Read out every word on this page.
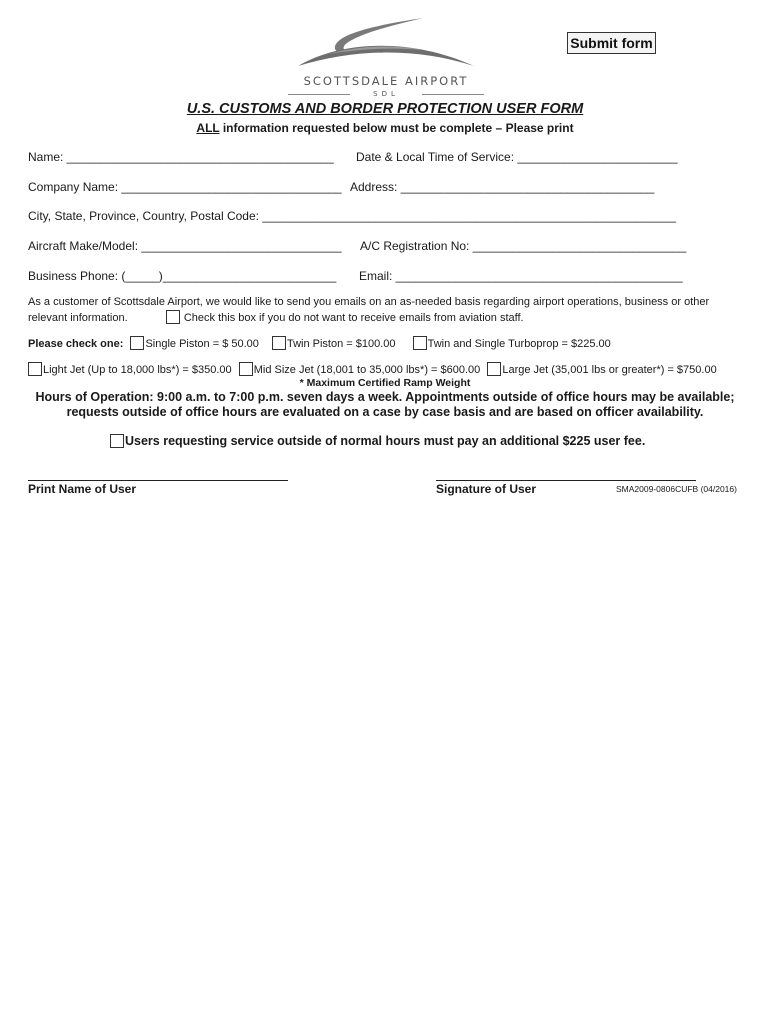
SCOTTSDALE AIRPORT
SDL
Submit form
U.S. CUSTOMS AND BORDER PROTECTION USER FORM
ALL information requested below must be complete – Please print
Name: ________________________________________ Date & Local Time of Service: ________________________
Company Name: _________________________________ Address: ______________________________________
City, State, Province, Country, Postal Code: ______________________________________________________________
Aircraft Make/Model: ______________________________ A/C Registration No: ________________________________
Business Phone: (_____)__________________________ Email: ___________________________________________
As a customer of Scottsdale Airport, we would like to send you emails on an as-needed basis regarding airport operations, business or other
relevant information.	Check this box if you do not want to receive emails from aviation staff.
Please check one: Single Piston = $ 50.00	Twin Piston = $100.00	Twin and Single Turboprop = $225.00
Light Jet (Up to 18,000 lbs*) = $350.00 Mid Size Jet (18,001 to 35,000 lbs*) = $600.00 Large Jet (35,001 lbs or greater*) = $750.00
* Maximum Certified Ramp Weight
Hours of Operation: 9:00 a.m. to 7:00 p.m. seven days a week. Appointments outside of office hours may be available;
requests outside of office hours are evaluated on a case by case basis and are based on officer availability.
Users requesting service outside of normal hours must pay an additional $225 user fee.
Print Name of User	Signature of User	SMA2009-0806CUFB (04/2016)
